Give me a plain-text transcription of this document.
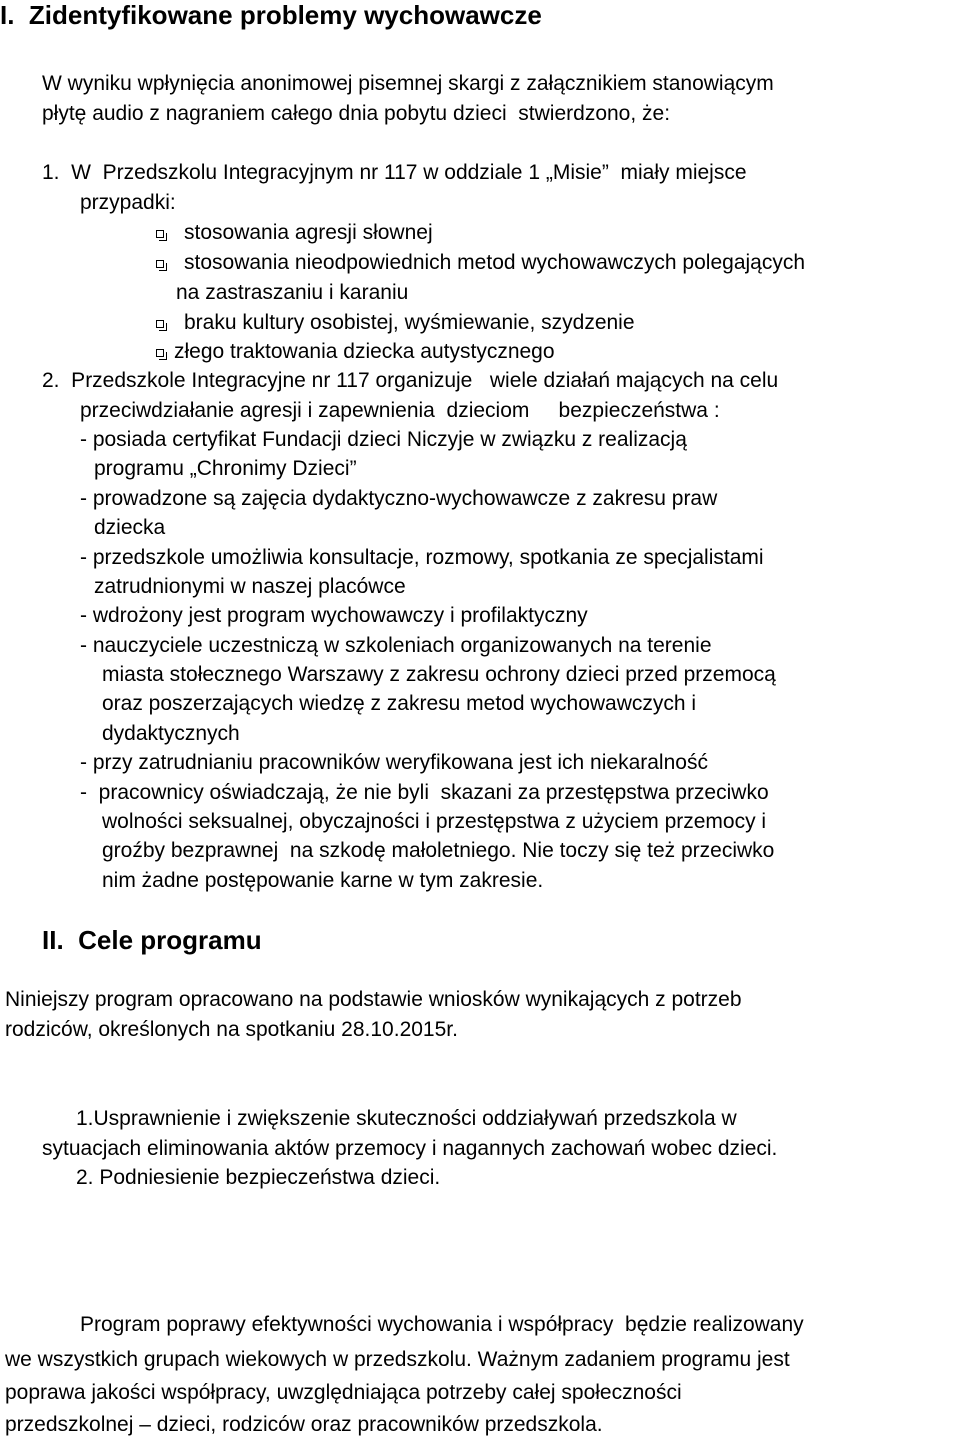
I.  Zidentyfikowane problemy wychowawcze
W wyniku wpłynięcia anonimowej pisemnej skargi z załącznikiem stanowiącym
płytę audio z nagraniem całego dnia pobytu dzieci  stwierdzono, że:
1.  W  Przedszkolu Integracyjnym nr 117 w oddziale 1 „Misie”  miały miejsce
przypadki:
stosowania agresji słownej
stosowania nieodpowiednich metod wychowawczych polegających
na zastraszaniu i karaniu
braku kultury osobistej, wyśmiewanie, szydzenie
złego traktowania dziecka autystycznego
2.  Przedszkole Integracyjne nr 117 organizuje   wiele działań mających na celu
przeciwdziałanie agresji i zapewnienia  dzieciom     bezpieczeństwa :
- posiada certyfikat Fundacji dzieci Niczyje w związku z realizacją
programu „Chronimy Dzieci”
- prowadzone są zajęcia dydaktyczno-wychowawcze z zakresu praw
dziecka
- przedszkole umożliwia konsultacje, rozmowy, spotkania ze specjalistami
zatrudnionymi w naszej placówce
- wdrożony jest program wychowawczy i profilaktyczny
- nauczyciele uczestniczą w szkoleniach organizowanych na terenie
miasta stołecznego Warszawy z zakresu ochrony dzieci przed przemocą
oraz poszerzających wiedzę z zakresu metod wychowawczych i
dydaktycznych
- przy zatrudnianiu pracowników weryfikowana jest ich niekaralność
-  pracownicy oświadczają, że nie byli  skazani za przestępstwa przeciwko
wolności seksualnej, obyczajności i przestępstwa z użyciem przemocy i
groźby bezprawnej  na szkodę małoletniego. Nie toczy się też przeciwko
nim żadne postępowanie karne w tym zakresie.
II.  Cele programu
Niniejszy program opracowano na podstawie wniosków wynikających z potrzeb
rodziców, określonych na spotkaniu 28.10.2015r.
1.Usprawnienie i zwiększenie skuteczności oddziaływań przedszkola w
sytuacjach eliminowania aktów przemocy i nagannych zachowań wobec dzieci.
2. Podniesienie bezpieczeństwa dzieci.
Program poprawy efektywności wychowania i współpracy  będzie realizowany
we wszystkich grupach wiekowych w przedszkolu. Ważnym zadaniem programu jest
poprawa jakości współpracy, uwzględniająca potrzeby całej społeczności
przedszkolnej – dzieci, rodziców oraz pracowników przedszkola.
